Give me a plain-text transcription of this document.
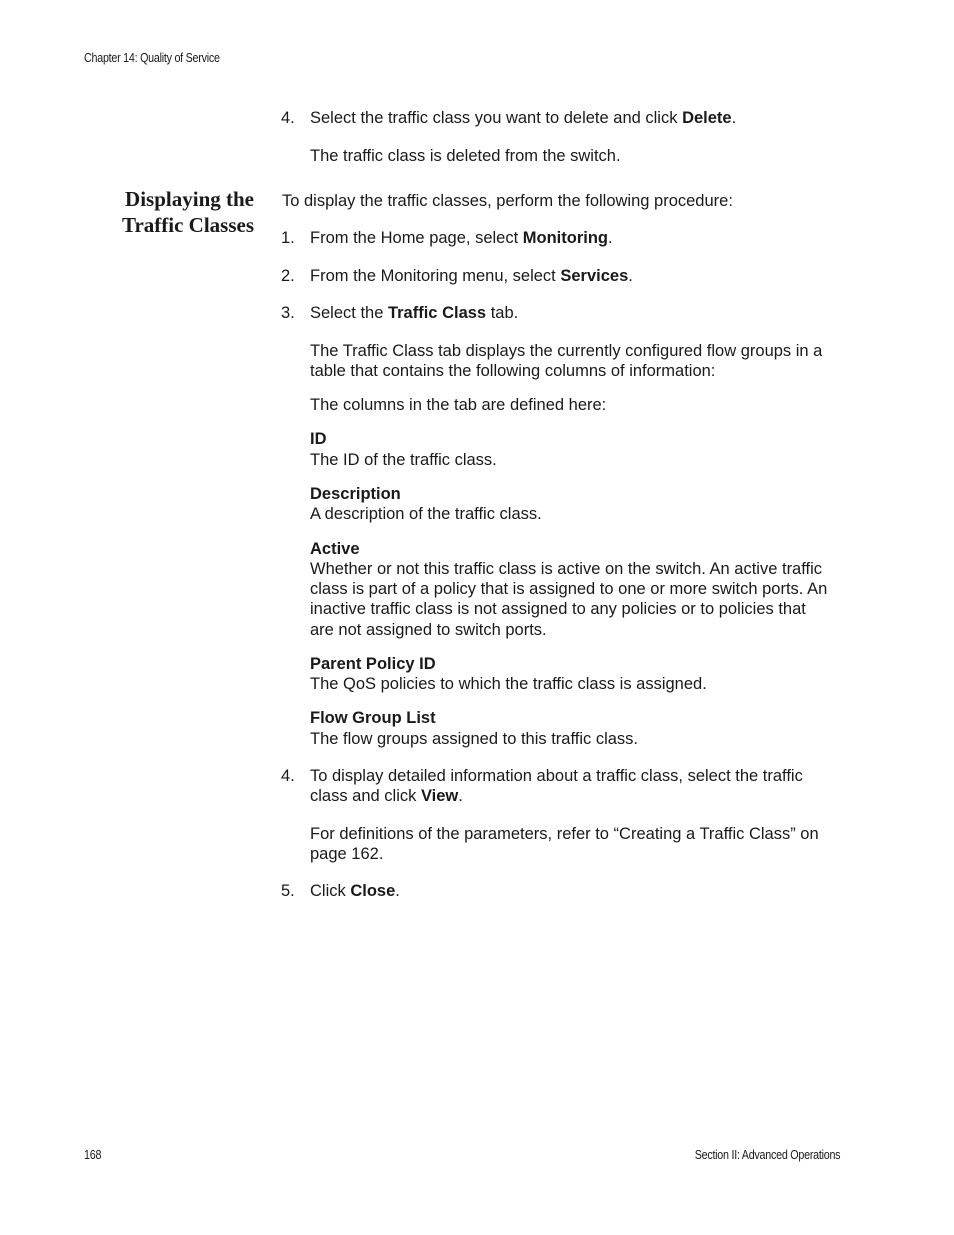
Chapter 14: Quality of Service
4. Select the traffic class you want to delete and click Delete.
The traffic class is deleted from the switch.
Displaying the
Traffic Classes
To display the traffic classes, perform the following procedure:
1. From the Home page, select Monitoring.
2. From the Monitoring menu, select Services.
3. Select the Traffic Class tab.
The Traffic Class tab displays the currently configured flow groups in a
table that contains the following columns of information:
The columns in the tab are defined here:
ID
The ID of the traffic class.
Description
A description of the traffic class.
Active
Whether or not this traffic class is active on the switch. An active traffic
class is part of a policy that is assigned to one or more switch ports. An
inactive traffic class is not assigned to any policies or to policies that
are not assigned to switch ports.
Parent Policy ID
The QoS policies to which the traffic class is assigned.
Flow Group List
The flow groups assigned to this traffic class.
4. To display detailed information about a traffic class, select the traffic
class and click View.
For definitions of the parameters, refer to “Creating a Traffic Class” on
page 162.
5. Click Close.
168	Section II: Advanced Operations
